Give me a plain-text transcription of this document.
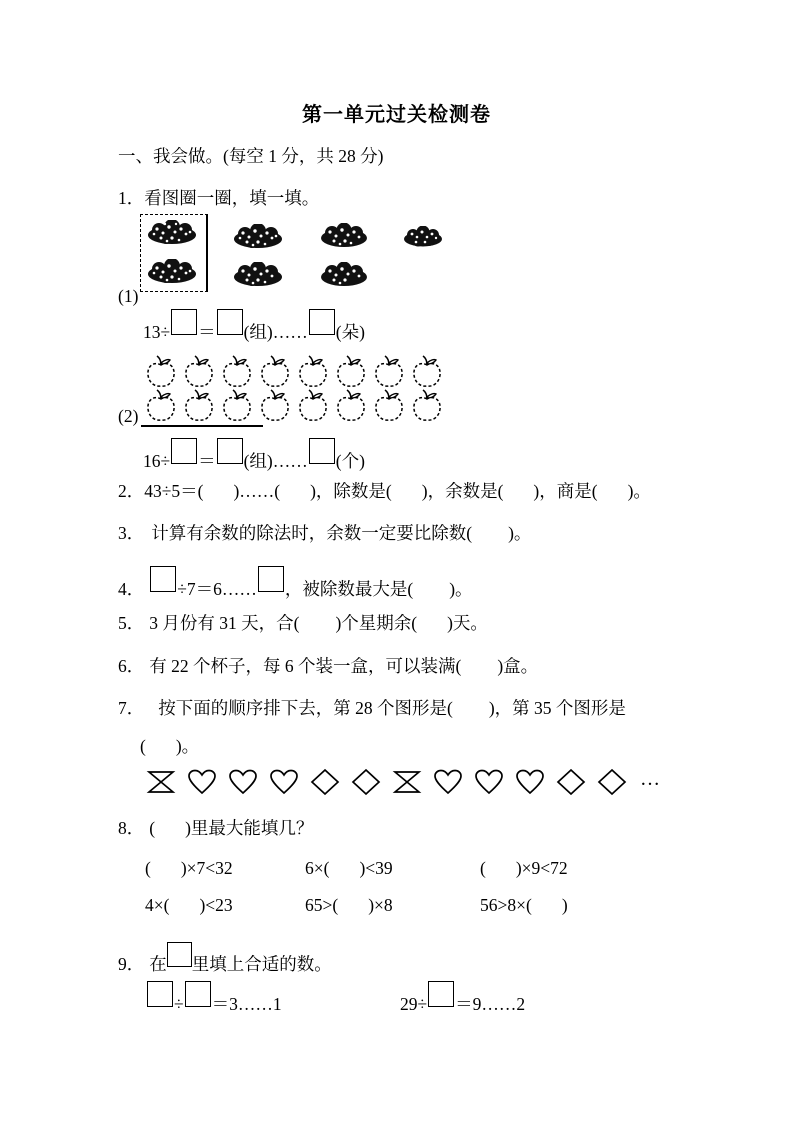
第一单元过关检测卷
一、我会做。(每空 1 分，共 28 分)
1．看图圈一圈，填一填。
(1)
13÷ ＝ (组)…… (朵)
(2)
16÷ ＝ (组)…… (个)
2．43÷5＝( )……( )，除数是( )，余数是( )，商是( )。
3． 计算有余数的除法时，余数一定要比除数( )。
4． ÷7＝6…… ，被除数最大是( )。
5． 3 月份有 31 天，合( )个星期余( )天。
6． 有 22 个杯子，每 6 个装一盒，可以装满( )盒。
7． 按下面的顺序排下去，第 28 个图形是( )，第 35 个图形是
( )。
…
8． ( )里最大能填几？
( )×7<32	6×( )<39	( )×9<72
4×( )<23	65>( )×8	56>8×( )
9． 在 里填上合适的数。
÷ ＝3……1	29÷ ＝9……2
